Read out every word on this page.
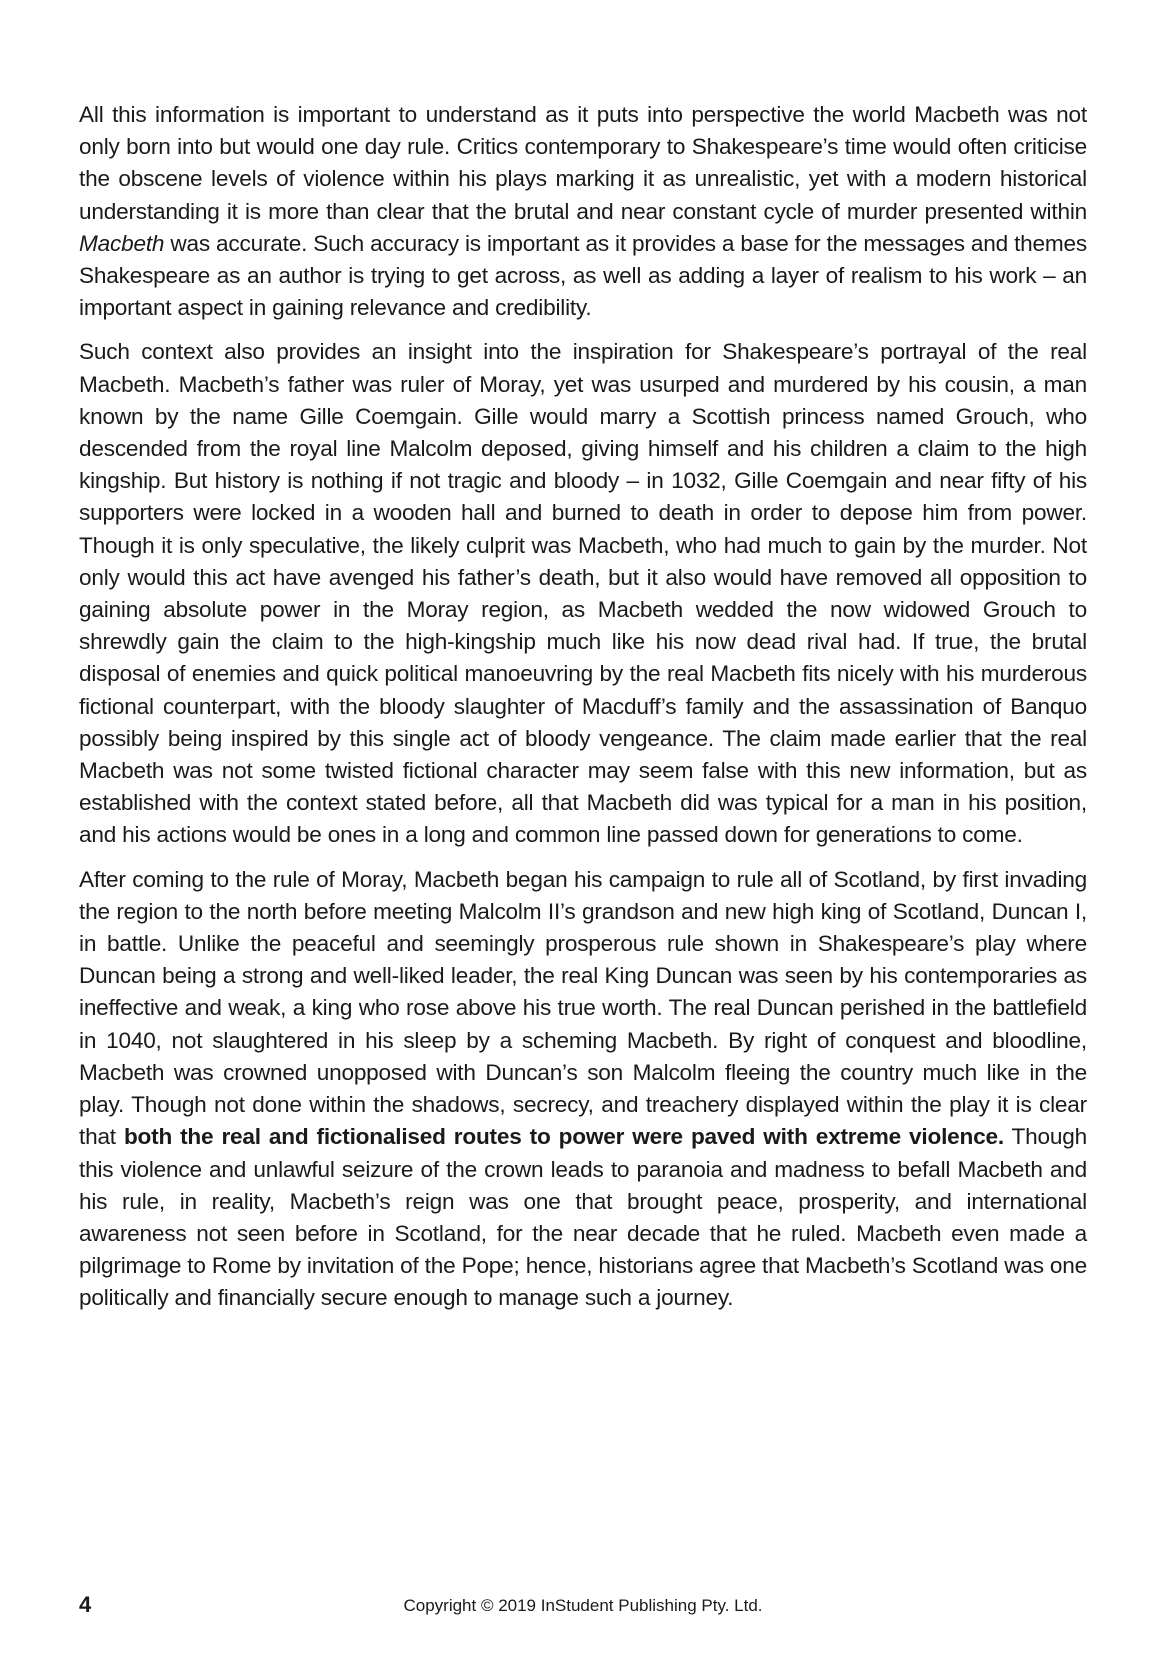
All this information is important to understand as it puts into perspective the world Macbeth was not only born into but would one day rule. Critics contemporary to Shakespeare’s time would often criticise the obscene levels of violence within his plays marking it as unrealistic, yet with a modern historical understanding it is more than clear that the brutal and near constant cycle of murder presented within Macbeth was accurate. Such accuracy is important as it provides a base for the messages and themes Shakespeare as an author is trying to get across, as well as adding a layer of realism to his work – an important aspect in gaining relevance and credibility.

Such context also provides an insight into the inspiration for Shakespeare’s portrayal of the real Macbeth. Macbeth’s father was ruler of Moray, yet was usurped and murdered by his cousin, a man known by the name Gille Coemgain. Gille would marry a Scottish princess named Grouch, who descended from the royal line Malcolm deposed, giving himself and his children a claim to the high kingship. But history is nothing if not tragic and bloody – in 1032, Gille Coemgain and near fifty of his supporters were locked in a wooden hall and burned to death in order to depose him from power. Though it is only speculative, the likely culprit was Macbeth, who had much to gain by the murder. Not only would this act have avenged his father’s death, but it also would have removed all opposition to gaining absolute power in the Moray region, as Macbeth wedded the now widowed Grouch to shrewdly gain the claim to the high-kingship much like his now dead rival had. If true, the brutal disposal of enemies and quick political manoeuvring by the real Macbeth fits nicely with his murderous fictional counterpart, with the bloody slaughter of Macduff’s family and the assassination of Banquo possibly being inspired by this single act of bloody vengeance. The claim made earlier that the real Macbeth was not some twisted fictional character may seem false with this new information, but as established with the context stated before, all that Macbeth did was typical for a man in his position, and his actions would be ones in a long and common line passed down for generations to come.

After coming to the rule of Moray, Macbeth began his campaign to rule all of Scotland, by first invading the region to the north before meeting Malcolm II’s grandson and new high king of Scotland, Duncan I, in battle. Unlike the peaceful and seemingly prosperous rule shown in Shakespeare’s play where Duncan being a strong and well-liked leader, the real King Duncan was seen by his contemporaries as ineffective and weak, a king who rose above his true worth. The real Duncan perished in the battlefield in 1040, not slaughtered in his sleep by a scheming Macbeth. By right of conquest and bloodline, Macbeth was crowned unopposed with Duncan’s son Malcolm fleeing the country much like in the play. Though not done within the shadows, secrecy, and treachery displayed within the play it is clear that both the real and fictionalised routes to power were paved with extreme violence. Though this violence and unlawful seizure of the crown leads to paranoia and madness to befall Macbeth and his rule, in reality, Macbeth’s reign was one that brought peace, prosperity, and international awareness not seen before in Scotland, for the near decade that he ruled. Macbeth even made a pilgrimage to Rome by invitation of the Pope; hence, historians agree that Macbeth’s Scotland was one politically and financially secure enough to manage such a journey.

4	Copyright © 2019 InStudent Publishing Pty. Ltd.
